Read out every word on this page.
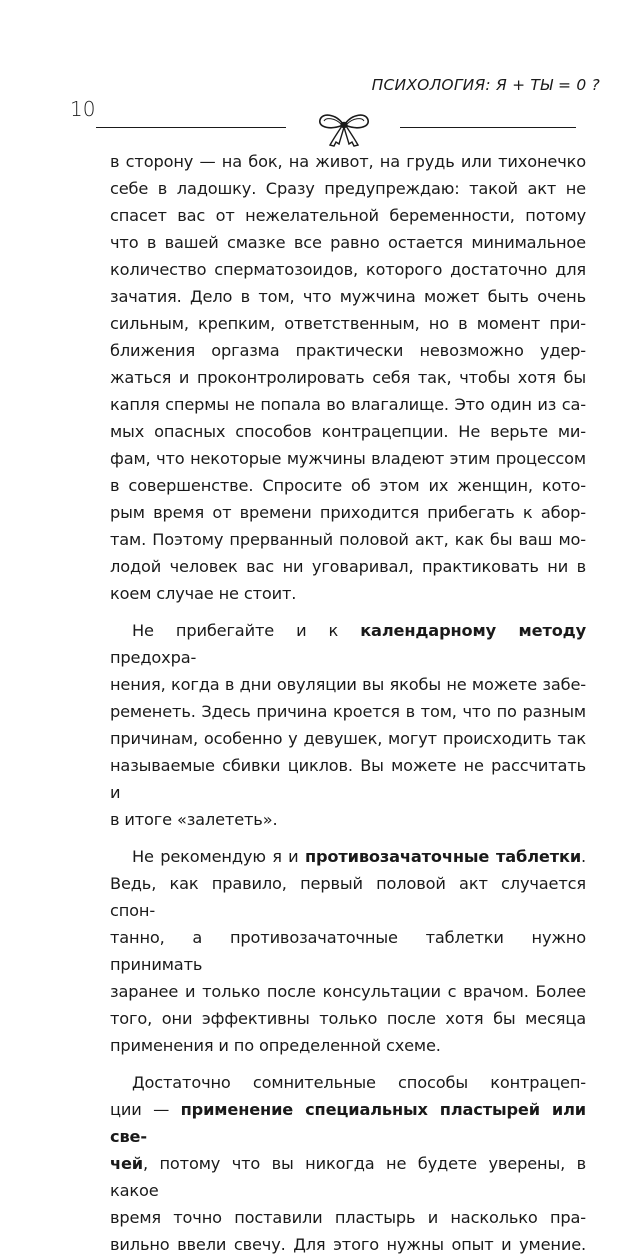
ПСИХОЛОГИЯ: Я + ТЫ = 0 ?
10

в сторону — на бок, на живот, на грудь или тихонечко

себе в ладошку. Сразу предупреждаю: такой акт не

спасет вас от нежелательной беременности, потому

что в вашей смазке все равно остается минимальное

количество сперматозоидов, которого достаточно для

зачатия. Дело в том, что мужчина может быть очень

сильным, крепким, ответственным, но в момент при-

ближения оргазма практически невозможно удер-

жаться и проконтролировать себя так, чтобы хотя бы

капля спермы не попала во влагалище. Это один из са-

мых опасных способов контрацепции. Не верьте ми-

фам, что некоторые мужчины владеют этим процессом

в совершенстве. Спросите об этом их женщин, кото-

рым время от времени приходится прибегать к абор-

там. Поэтому прерванный половой акт, как бы ваш мо-

лодой человек вас ни уговаривал, практиковать ни в

коем случае не стоит.

Не прибегайте и к календарному методу предохра-

нения, когда в дни овуляции вы якобы не можете забе-

ременеть. Здесь причина кроется в том, что по разным

причинам, особенно у девушек, могут происходить так

называемые сбивки циклов. Вы можете не рассчитать и

в итоге «залететь».

Не рекомендую я и противозачаточные таблетки.

Ведь, как правило, первый половой акт случается спон-

танно, а противозачаточные таблетки нужно принимать

заранее и только после консультации с врачом. Более

того, они эффективны только после хотя бы месяца

применения и по определенной схеме.

Достаточно сомнительные способы контрацеп-

ции — применение специальных пластырей или све-

чей, потому что вы никогда не будете уверены, в какое

время точно поставили пластырь и насколько пра-

вильно ввели свечу. Для этого нужны опыт и умение.
